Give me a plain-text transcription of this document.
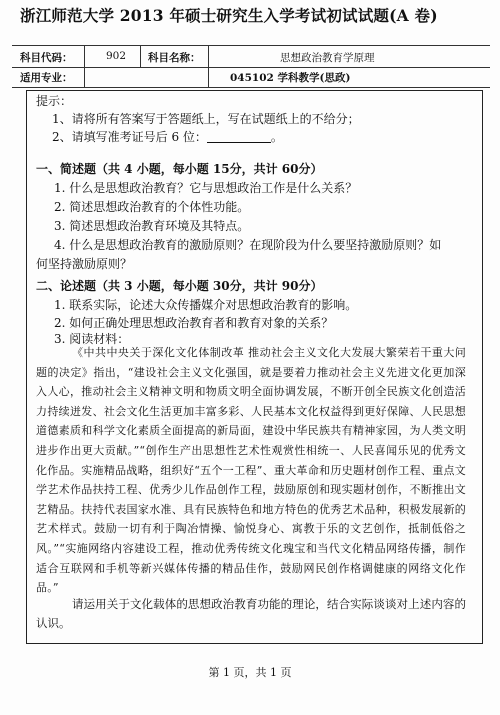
浙江师范大学 2013 年硕士研究生入学考试初试试题(A 卷)
科目代码：	902 科目名称：	思想政治教育学原理
适用专业：	045102 学科教学(思政)
提示：
1、请将所有答案写于答题纸上，写在试题纸上的不给分；
2、请填写准考证号后 6 位：	。
一、简述题（共 4 小题，每小题 15分，共计 60分）
1. 什么是思想政治教育？它与思想政治工作是什么关系？
2. 简述思想政治教育的个体性功能。
3. 简述思想政治教育环境及其特点。
4. 什么是思想政治教育的激励原则？在现阶段为什么要坚持激励原则？如
何坚持激励原则？
二、论述题（共 3 小题，每小题 30分，共计 90分）
1. 联系实际，论述大众传播媒介对思想政治教育的影响。
2. 如何正确处理思想政治教育者和教育对象的关系？
3. 阅读材料：
《中共中央关于深化文化体制改革 推动社会主义文化大发展大繁荣若干重大问题的决定》指出，“建设社会主义文化强国，就是要着力推动社会主义先进文化更加深入人心，推动社会主义精神文明和物质文明全面协调发展，不断开创全民族文化创造活力持续迸发、社会文化生活更加丰富多彩、人民基本文化权益得到更好保障、人民思想道德素质和科学文化素质全面提高的新局面，建设中华民族共有精神家园，为人类文明进步作出更大贡献。”“创作生产出思想性艺术性观赏性相统一、人民喜闻乐见的优秀文化作品。实施精品战略，组织好“五个一工程”、重大革命和历史题材创作工程、重点文学艺术作品扶持工程、优秀少儿作品创作工程，鼓励原创和现实题材创作，不断推出文艺精品。扶持代表国家水准、具有民族特色和地方特色的优秀艺术品种，积极发展新的艺术样式。鼓励一切有利于陶冶情操、愉悦身心、寓教于乐的文艺创作，抵制低俗之风。”“实施网络内容建设工程，推动优秀传统文化瑰宝和当代文化精品网络传播，制作适合互联网和手机等新兴媒体传播的精品佳作，鼓励网民创作格调健康的网络文化作品。”
请运用关于文化载体的思想政治教育功能的理论，结合实际谈谈对上述内容的认识。
第 1 页，共 1 页
